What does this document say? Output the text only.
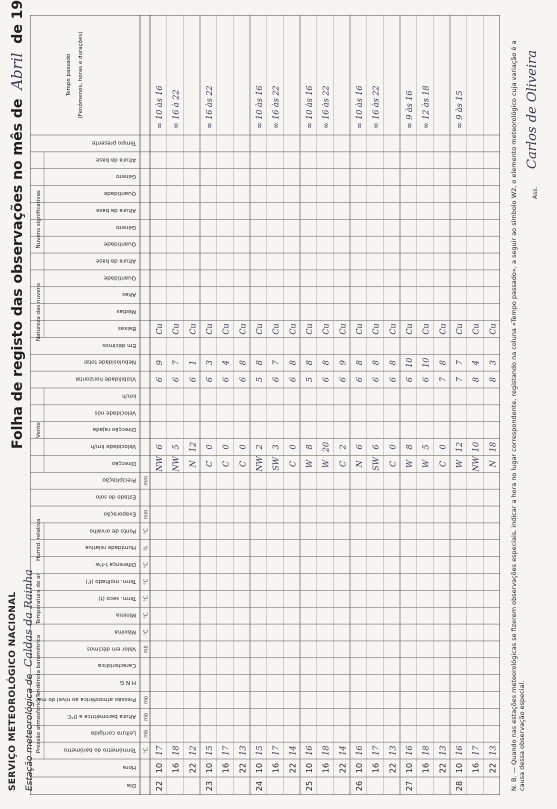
SERVIÇO METEOROLÓGICO NACIONAL Estação meteorológica de Caldas da Rainha
Folha de registo das observações no mês de Abril de 19
Pressão atmosférica
Tendência barométrica
Temperatura do ar
Humid. relativa
Vento
Natureza das nuvens
Nuvens significativas
Dia
Hora
Termómetro do barómetro °C
Leitura corrigida mb
Altura barométrica a 0°C mb
Pressão atmosférica ao nível do mar mb
H N G
Característica
Valor em décimos mb
Máxima °C
Mínima °C
Term. seco (t) °C
Term. molhado (t') °C
Diferença t-t'w °C
Humidade relativa %
Ponto de orvalho °C
Evaporação mm
Estado do solo
Precipitação mm
Direcção
Velocidade km/h
Direcção rajada
Velocidade nós
km/h
Visibilidade horizontal
Nebulosidade total
Em décimos
Baixas
Médias
Altas
Quantidade
Altura da base
Quantidade
Género
Altura da base
Quantidade
Género
Altura da base
Tempo presente
Tempo passado (Fenómenos, horas e durações)
22
10
17
NW
6
6
9
Cu
∞ 10 às 16
16
18
NW
5
6
7
Cu
∞ 16 à 22
22
12
N
12
6
1
Cu
23
10
15
C
0
6
3
Cu
∞ 16 às 22
16
17
C
0
6
4
Cu
22
13
C
0
6
8
Cu
24
10
15
NW
2
5
8
Cu
∞ 10 às 16
16
17
SW
3
6
7
Cu
∞ 16 às 22
22
14
C
0
6
8
Cu
25
10
16
W
8
5
8
Cu
∞ 10 às 16
16
18
W
20
6
8
Cu
∞ 16 às 22
22
14
C
2
6
9
Cu
26
10
16
N
6
6
8
Cu
∞ 10 às 16
16
17
SW
6
6
8
Cu
∞ 16 às 22
22
13
C
0
6
8
Cu
27
10
16
W
8
6
10
Cu
∞ 9 às 16
16
18
W
5
6
10
Cu
∞ 12 às 18
22
13
C
0
7
8
Cu
28
10
16
W
12
7
7
Cu
∞ 9 às 15
16
17
NW
10
8
4
Cu
22
13
N
18
8
3
Cu N. B. — Quando nas estações meteorológicas se fizerem observações especiais, indicar a hora no lugar correspondente, registando na coluna «Tempo passado», a seguir ao símbolo W2, o elemento meteorológico cuja variação é a causa dessa observação especial.
Ass.
Carlos de Oliveira
